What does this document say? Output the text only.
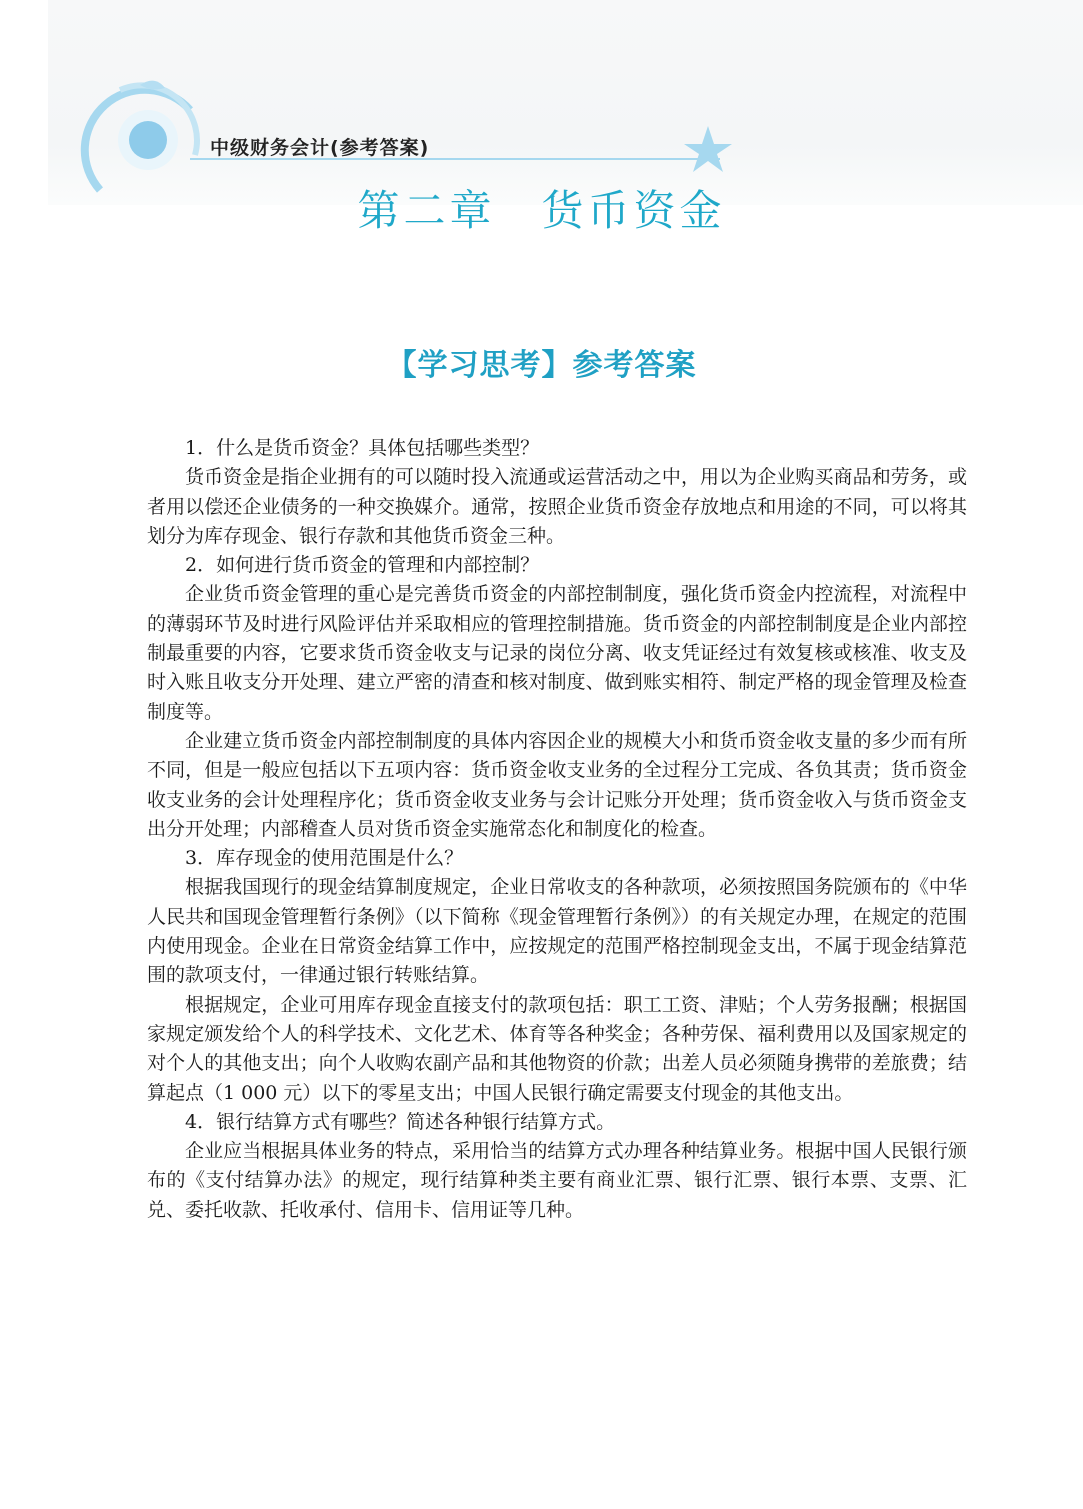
中级财务会计(参考答案)
第二章　货币资金
【学习思考】参考答案

1．什么是货币资金？具体包括哪些类型？

货币资金是指企业拥有的可以随时投入流通或运营活动之中，用以为企业购买商品和劳务，或者用以偿还企业债务的一种交换媒介。通常，按照企业货币资金存放地点和用途的不同，可以将其划分为库存现金、银行存款和其他货币资金三种。

2．如何进行货币资金的管理和内部控制？

企业货币资金管理的重心是完善货币资金的内部控制制度，强化货币资金内控流程，对流程中的薄弱环节及时进行风险评估并采取相应的管理控制措施。货币资金的内部控制制度是企业内部控制最重要的内容，它要求货币资金收支与记录的岗位分离、收支凭证经过有效复核或核准、收支及时入账且收支分开处理、建立严密的清查和核对制度、做到账实相符、制定严格的现金管理及检查制度等。

企业建立货币资金内部控制制度的具体内容因企业的规模大小和货币资金收支量的多少而有所不同，但是一般应包括以下五项内容：货币资金收支业务的全过程分工完成、各负其责；货币资金收支业务的会计处理程序化；货币资金收支业务与会计记账分开处理；货币资金收入与货币资金支出分开处理；内部稽查人员对货币资金实施常态化和制度化的检查。

3．库存现金的使用范围是什么？

根据我国现行的现金结算制度规定，企业日常收支的各种款项，必须按照国务院颁布的《中华人民共和国现金管理暂行条例》（以下简称《现金管理暂行条例》）的有关规定办理，在规定的范围内使用现金。企业在日常资金结算工作中，应按规定的范围严格控制现金支出，不属于现金结算范围的款项支付，一律通过银行转账结算。

根据规定，企业可用库存现金直接支付的款项包括：职工工资、津贴；个人劳务报酬；根据国家规定颁发给个人的科学技术、文化艺术、体育等各种奖金；各种劳保、福利费用以及国家规定的对个人的其他支出；向个人收购农副产品和其他物资的价款；出差人员必须随身携带的差旅费；结算起点（1 000 元）以下的零星支出；中国人民银行确定需要支付现金的其他支出。

4．银行结算方式有哪些？简述各种银行结算方式。

企业应当根据具体业务的特点，采用恰当的结算方式办理各种结算业务。根据中国人民银行颁布的《支付结算办法》的规定，现行结算种类主要有商业汇票、银行汇票、银行本票、支票、汇兑、委托收款、托收承付、信用卡、信用证等几种。
